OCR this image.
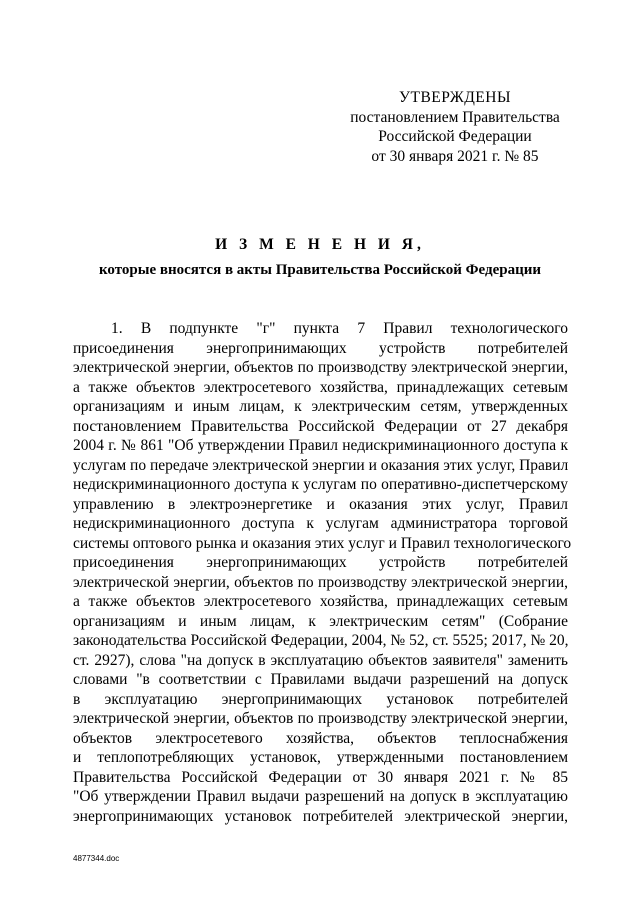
УТВЕРЖДЕНЫ
постановлением Правительства
Российской Федерации
от 30 января 2021 г. № 85
И З М Е Н Е Н И Я,
которые вносятся в акты Правительства Российской Федерации
1. В подпункте "г" пункта 7 Правил технологического
присоединения энергопринимающих устройств потребителей
электрической энергии, объектов по производству электрической энергии,
а также объектов электросетевого хозяйства, принадлежащих сетевым
организациям и иным лицам, к электрическим сетям, утвержденных
постановлением Правительства Российской Федерации от 27 декабря
2004 г. № 861 "Об утверждении Правил недискриминационного доступа к
услугам по передаче электрической энергии и оказания этих услуг, Правил
недискриминационного доступа к услугам по оперативно-диспетчерскому
управлению в электроэнергетике и оказания этих услуг, Правил
недискриминационного доступа к услугам администратора торговой
системы оптового рынка и оказания этих услуг и Правил технологического
присоединения энергопринимающих устройств потребителей
электрической энергии, объектов по производству электрической энергии,
а также объектов электросетевого хозяйства, принадлежащих сетевым
организациям и иным лицам, к электрическим сетям" (Собрание
законодательства Российской Федерации, 2004, № 52, ст. 5525; 2017, № 20,
ст. 2927), слова "на допуск в эксплуатацию объектов заявителя" заменить
словами "в соответствии с Правилами выдачи разрешений на допуск
в эксплуатацию энергопринимающих установок потребителей
электрической энергии, объектов по производству электрической энергии,
объектов электросетевого хозяйства, объектов теплоснабжения
и теплопотребляющих установок, утвержденными постановлением
Правительства Российской Федерации от 30 января 2021 г. № 85
"Об утверждении Правил выдачи разрешений на допуск в эксплуатацию
энергопринимающих установок потребителей электрической энергии,
4877344.doc
